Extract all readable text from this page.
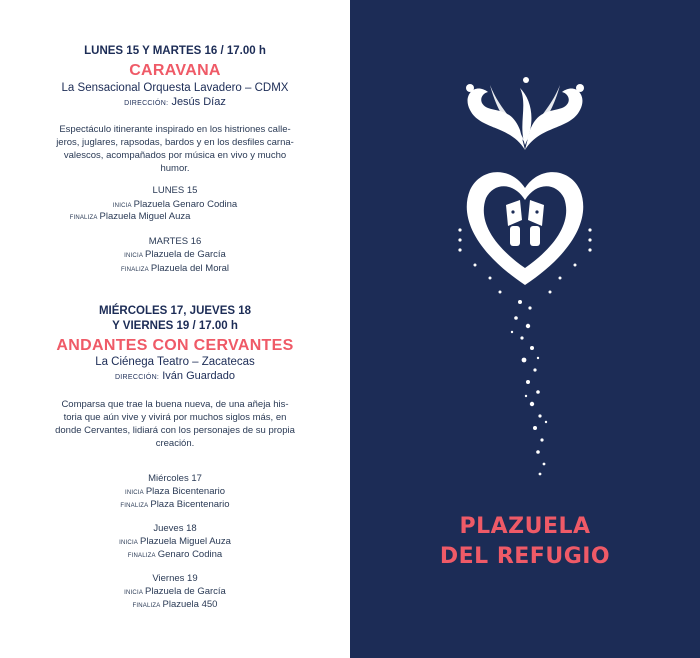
LUNES 15 Y MARTES 16 / 17.00 h
CARAVANA
La Sensacional Orquesta Lavadero – CDMX
DIRECCIÓN: Jesús Díaz
Espectáculo itinerante inspirado en los histriones calle-
jeros, juglares, rapsodas, bardos y en los desfiles carna-
valescos, acompañados por música en vivo y mucho
humor.
LUNES 15
INICIA Plazuela Genaro Codina
FINALIZA Plazuela Miguel Auza
MARTES 16
INICIA Plazuela de García
FINALIZA Plazuela del Moral
MIÉRCOLES 17, JUEVES 18
Y VIERNES 19 / 17.00 h
ANDANTES CON CERVANTES
La Ciénega Teatro – Zacatecas
DIRECCIÓN: Iván Guardado
Comparsa que trae la buena nueva, de una añeja his-
toria que aún vive y vivirá por muchos siglos más, en
donde Cervantes, lidiará con los personajes de su propia
creación.
Miércoles 17
INICIA Plaza Bicentenario
FINALIZA Plaza Bicentenario
Jueves 18
INICIA Plazuela Miguel Auza
FINALIZA Genaro Codina
Viernes 19
INICIA Plazuela de García
FINALIZA Plazuela 450
PLAZUELA
DEL REFUGIO
